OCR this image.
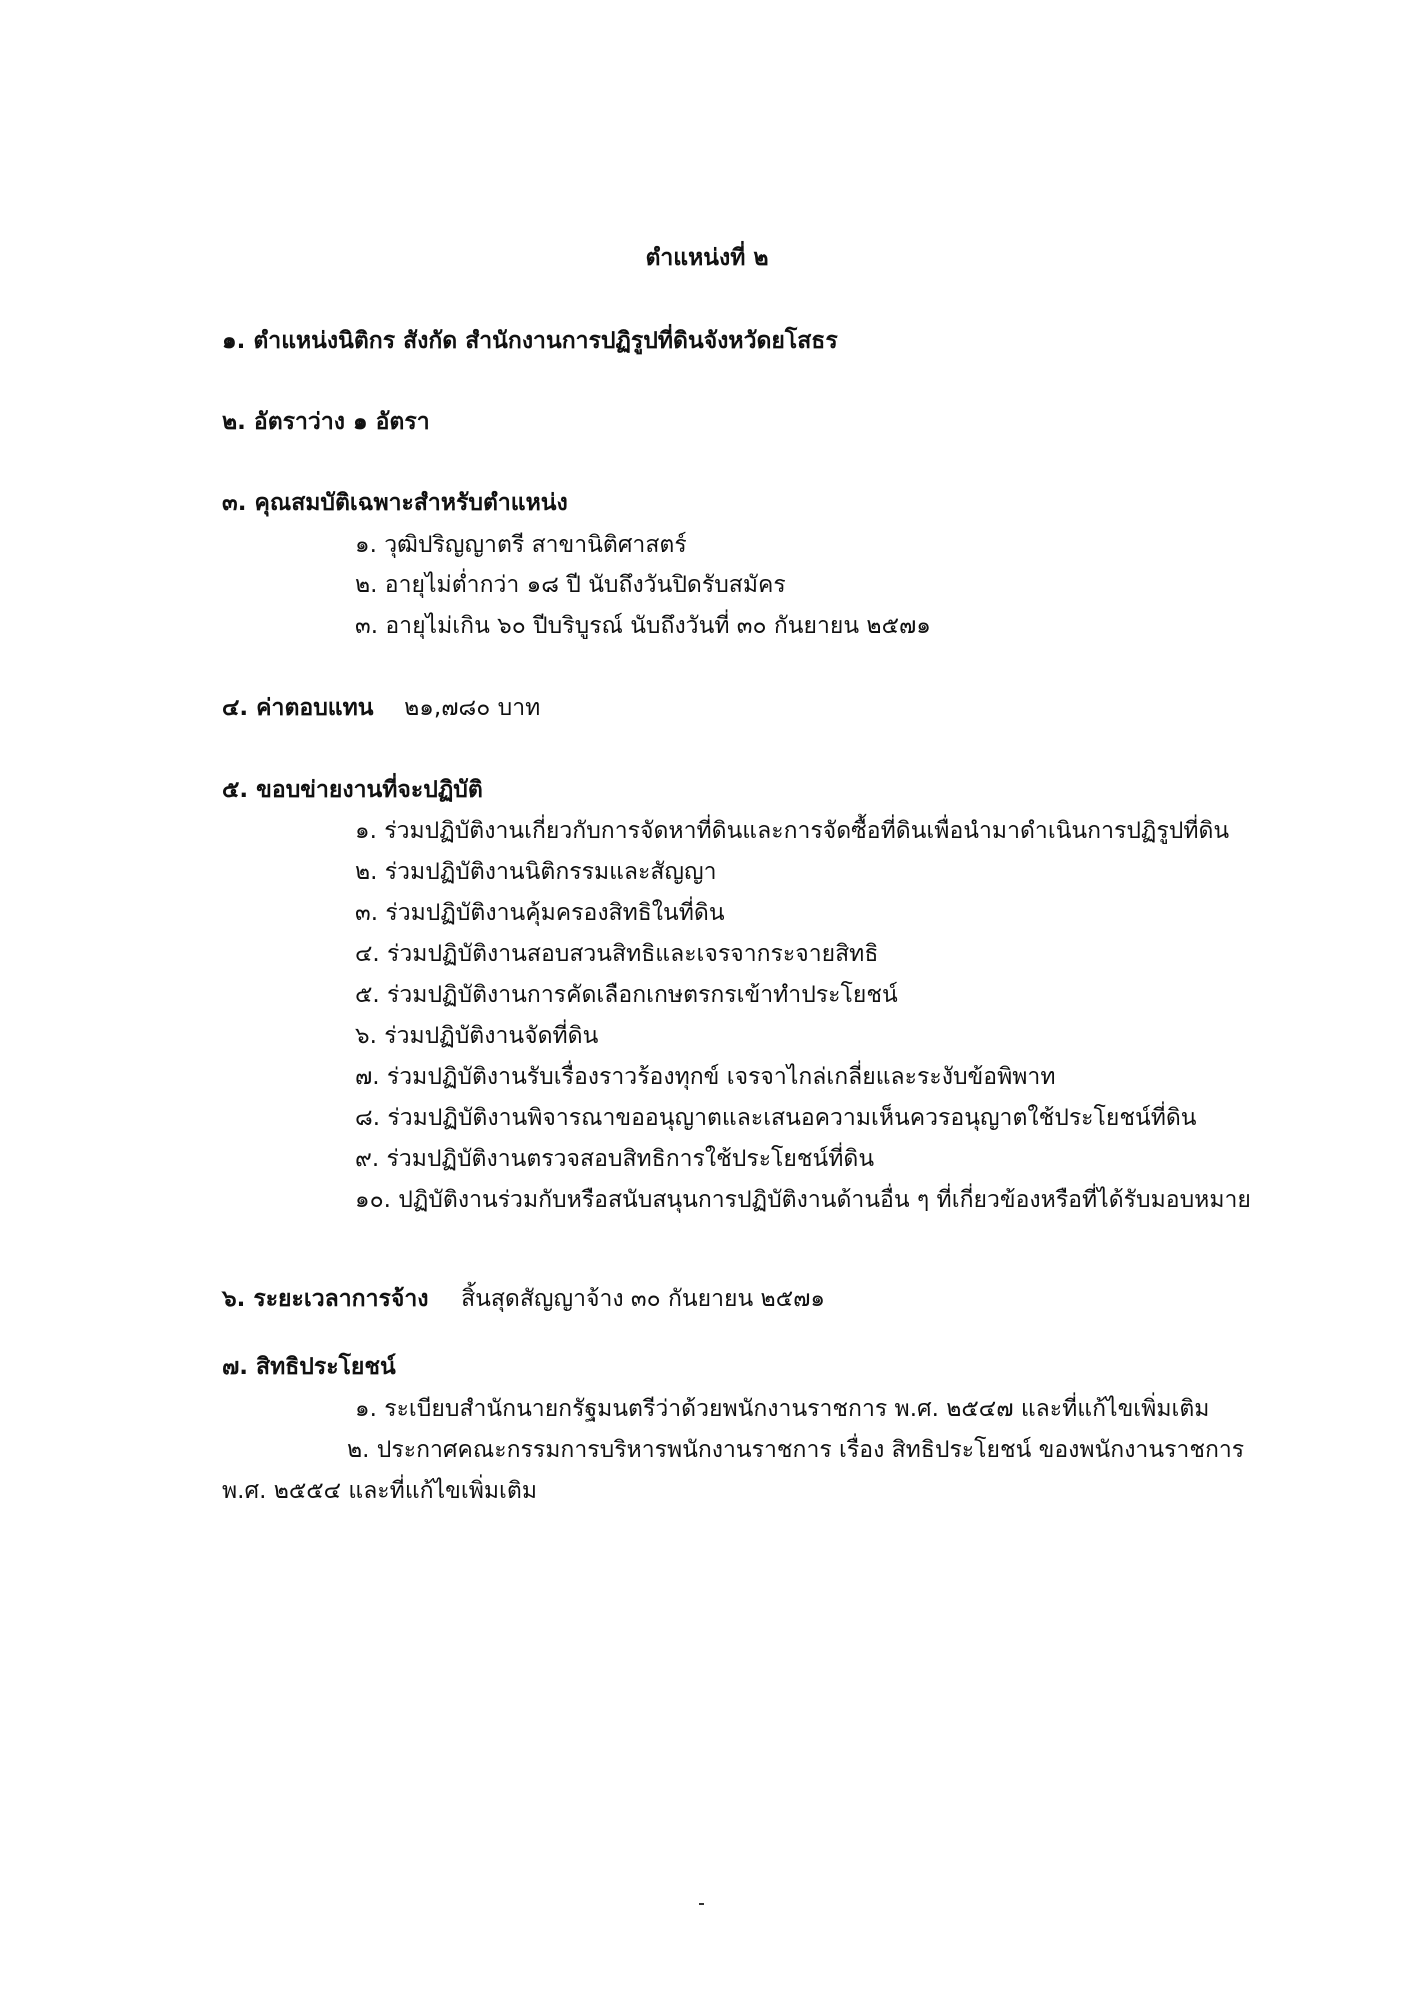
ตำแหน่งที่ ๒
๑. ตำแหน่งนิติกร สังกัด สำนักงานการปฏิรูปที่ดินจังหวัดยโสธร
๒. อัตราว่าง ๑ อัตรา
๓. คุณสมบัติเฉพาะสำหรับตำแหน่ง
๑. วุฒิปริญญาตรี สาขานิติศาสตร์
๒. อายุไม่ต่ำกว่า ๑๘ ปี นับถึงวันปิดรับสมัคร
๓. อายุไม่เกิน ๖๐ ปีบริบูรณ์ นับถึงวันที่ ๓๐ กันยายน ๒๕๗๑
๔. ค่าตอบแทน ๒๑,๗๘๐ บาท
๕. ขอบข่ายงานที่จะปฏิบัติ
๑. ร่วมปฏิบัติงานเกี่ยวกับการจัดหาที่ดินและการจัดซื้อที่ดินเพื่อนำมาดำเนินการปฏิรูปที่ดิน
๒. ร่วมปฏิบัติงานนิติกรรมและสัญญา
๓. ร่วมปฏิบัติงานคุ้มครองสิทธิในที่ดิน
๔. ร่วมปฏิบัติงานสอบสวนสิทธิและเจรจากระจายสิทธิ
๕. ร่วมปฏิบัติงานการคัดเลือกเกษตรกรเข้าทำประโยชน์
๖. ร่วมปฏิบัติงานจัดที่ดิน
๗. ร่วมปฏิบัติงานรับเรื่องราวร้องทุกข์ เจรจาไกล่เกลี่ยและระงับข้อพิพาท
๘. ร่วมปฏิบัติงานพิจารณาขออนุญาตและเสนอความเห็นควรอนุญาตใช้ประโยชน์ที่ดิน
๙. ร่วมปฏิบัติงานตรวจสอบสิทธิการใช้ประโยชน์ที่ดิน
๑๐. ปฏิบัติงานร่วมกับหรือสนับสนุนการปฏิบัติงานด้านอื่น ๆ ที่เกี่ยวข้องหรือที่ได้รับมอบหมาย
๖. ระยะเวลาการจ้าง สิ้นสุดสัญญาจ้าง ๓๐ กันยายน ๒๕๗๑
๗. สิทธิประโยชน์
๑. ระเบียบสำนักนายกรัฐมนตรีว่าด้วยพนักงานราชการ พ.ศ. ๒๕๔๗ และที่แก้ไขเพิ่มเติม
๒. ประกาศคณะกรรมการบริหารพนักงานราชการ เรื่อง สิทธิประโยชน์ ของพนักงานราชการ
พ.ศ. ๒๕๕๔ และที่แก้ไขเพิ่มเติม
